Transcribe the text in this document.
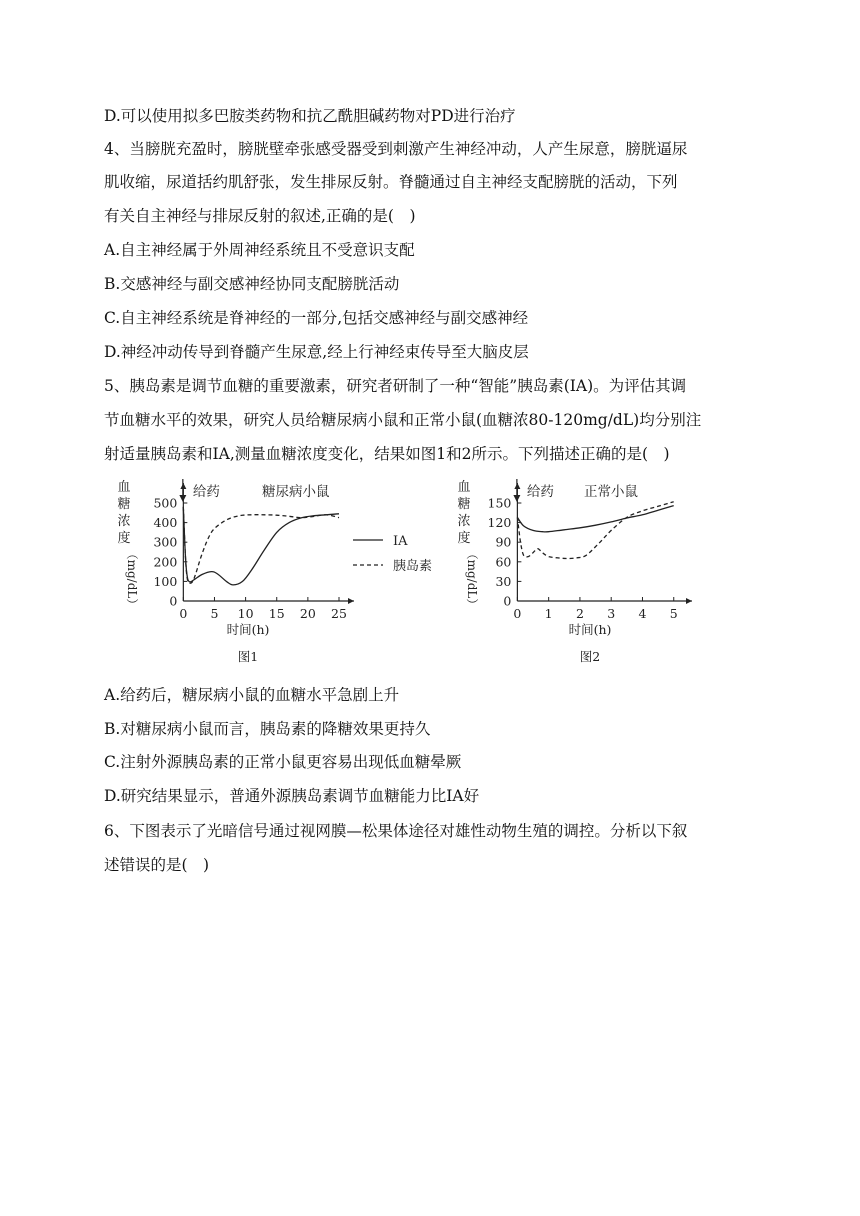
D.可以使用拟多巴胺类药物和抗乙酰胆碱药物对PD进行治疗
4、当膀胱充盈时，膀胱壁牵张感受器受到刺激产生神经冲动，人产生尿意，膀胱逼尿
肌收缩，尿道括约肌舒张，发生排尿反射。脊髓通过自主神经支配膀胱的活动，下列
有关自主神经与排尿反射的叙述,正确的是(　)
A.自主神经属于外周神经系统且不受意识支配
B.交感神经与副交感神经协同支配膀胱活动
C.自主神经系统是脊神经的一部分,包括交感神经与副交感神经
D.神经冲动传导到脊髓产生尿意,经上行神经束传导至大脑皮层
5、胰岛素是调节血糖的重要激素，研究者研制了一种“智能”胰岛素(IA)。为评估其调
节血糖水平的效果，研究人员给糖尿病小鼠和正常小鼠(血糖浓80-120mg/dL)均分别注
射适量胰岛素和IA,测量血糖浓度变化，结果如图1和2所示。下列描述正确的是(　)
0
100
200
300
400
500
0 5 10 15 20 25
血
糖
浓
度
（mg/dL）
时间(h)
图1
给药	糖尿病小鼠
IA
胰岛素
0
30
60
90
120
150
0 1 2 3 4 5
血
糖
浓
度
（mg/dL）
时间(h)
图2
给药 正常小鼠
A.给药后，糖尿病小鼠的血糖水平急剧上升
B.对糖尿病小鼠而言，胰岛素的降糖效果更持久
C.注射外源胰岛素的正常小鼠更容易出现低血糖晕厥
D.研究结果显示，普通外源胰岛素调节血糖能力比IA好
6、下图表示了光暗信号通过视网膜—松果体途径对雄性动物生殖的调控。分析以下叙
述错误的是(　)
